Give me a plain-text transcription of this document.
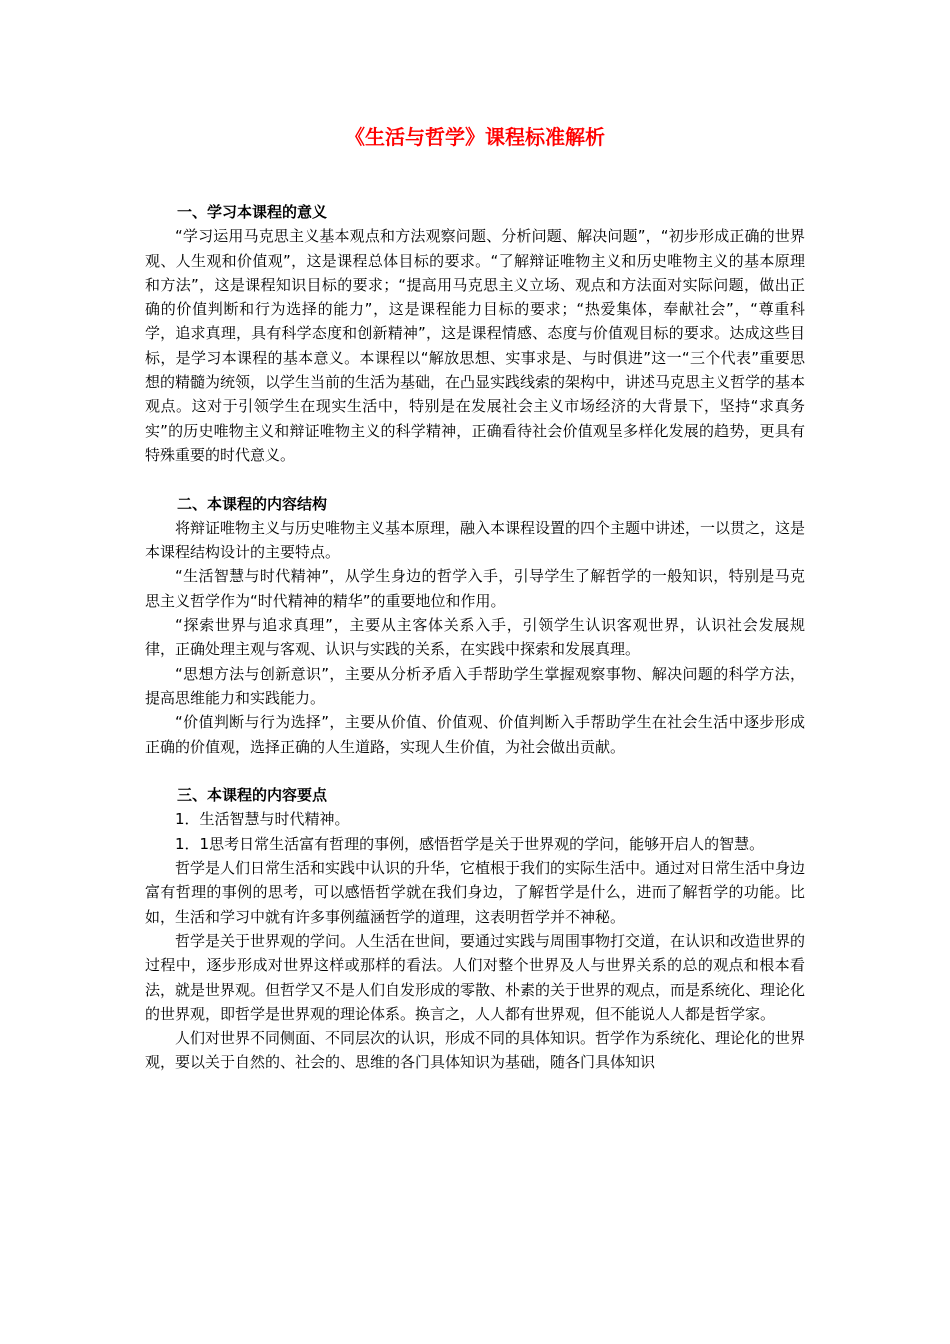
《生活与哲学》课程标准解析

一、学习本课程的意义

“学习运用马克思主义基本观点和方法观察问题、分析问题、解决问题”，“初步形成正确的世界观、人生观和价值观”，这是课程总体目标的要求。“了解辩证唯物主义和历史唯物主义的基本原理和方法”，这是课程知识目标的要求；“提高用马克思主义立场、观点和方法面对实际问题，做出正确的价值判断和行为选择的能力”，这是课程能力目标的要求；“热爱集体，奉献社会”，“尊重科学，追求真理，具有科学态度和创新精神”，这是课程情感、态度与价值观目标的要求。达成这些目标，是学习本课程的基本意义。本课程以“解放思想、实事求是、与时俱进”这一“三个代表”重要思想的精髓为统领，以学生当前的生活为基础，在凸显实践线索的架构中，讲述马克思主义哲学的基本观点。这对于引领学生在现实生活中，特别是在发展社会主义市场经济的大背景下，坚持“求真务实”的历史唯物主义和辩证唯物主义的科学精神，正确看待社会价值观呈多样化发展的趋势，更具有特殊重要的时代意义。

二、本课程的内容结构

将辩证唯物主义与历史唯物主义基本原理，融入本课程设置的四个主题中讲述，一以贯之，这是本课程结构设计的主要特点。

“生活智慧与时代精神”，从学生身边的哲学入手，引导学生了解哲学的一般知识，特别是马克思主义哲学作为“时代精神的精华”的重要地位和作用。

“探索世界与追求真理”，主要从主客体关系入手，引领学生认识客观世界，认识社会发展规律，正确处理主观与客观、认识与实践的关系，在实践中探索和发展真理。

“思想方法与创新意识”，主要从分析矛盾入手帮助学生掌握观察事物、解决问题的科学方法，提高思维能力和实践能力。

“价值判断与行为选择”，主要从价值、价值观、价值判断入手帮助学生在社会生活中逐步形成正确的价值观，选择正确的人生道路，实现人生价值，为社会做出贡献。

三、本课程的内容要点

1．生活智慧与时代精神。

1．1思考日常生活富有哲理的事例，感悟哲学是关于世界观的学问，能够开启人的智慧。

哲学是人们日常生活和实践中认识的升华，它植根于我们的实际生活中。通过对日常生活中身边富有哲理的事例的思考，可以感悟哲学就在我们身边，了解哲学是什么，进而了解哲学的功能。比如，生活和学习中就有许多事例蕴涵哲学的道理，这表明哲学并不神秘。

哲学是关于世界观的学问。人生活在世间，要通过实践与周围事物打交道，在认识和改造世界的过程中，逐步形成对世界这样或那样的看法。人们对整个世界及人与世界关系的总的观点和根本看法，就是世界观。但哲学又不是人们自发形成的零散、朴素的关于世界的观点，而是系统化、理论化的世界观，即哲学是世界观的理论体系。换言之，人人都有世界观，但不能说人人都是哲学家。

人们对世界不同侧面、不同层次的认识，形成不同的具体知识。哲学作为系统化、理论化的世界观，要以关于自然的、社会的、思维的各门具体知识为基础，随各门具体知识
